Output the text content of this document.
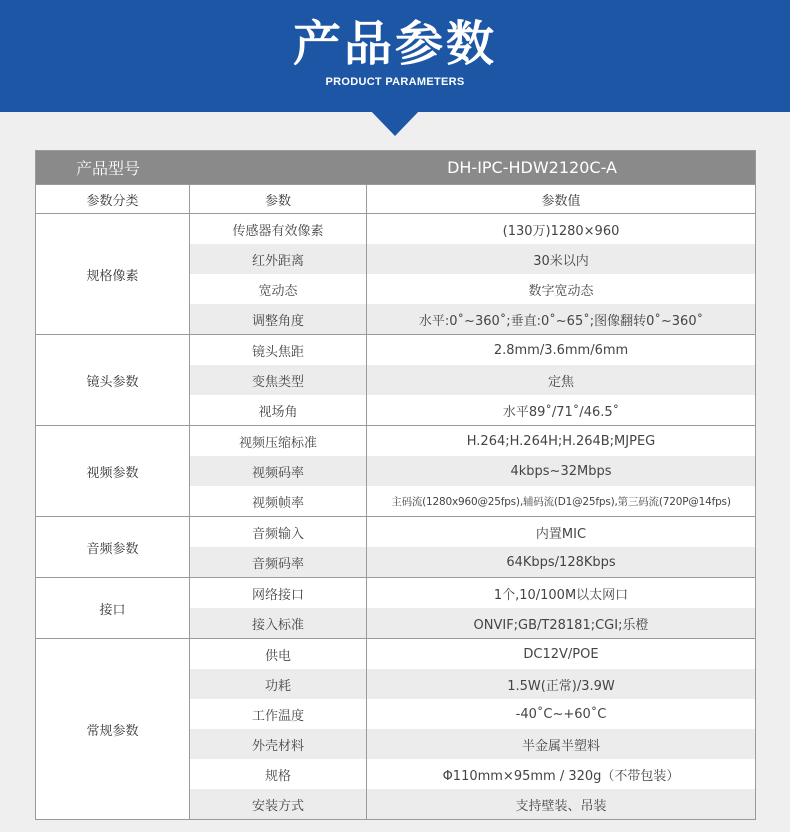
产品参数
PRODUCT PARAMETERS
产品型号	DH-IPC-HDW2120C-A
参数分类	参数	参数值
规格像素
传感器有效像素	(130万)1280×960
红外距离	30米以内
宽动态	数字宽动态
调整角度	水平:0˚~360˚;垂直:0˚~65˚;图像翻转0˚~360˚
镜头参数
镜头焦距	2.8mm/3.6mm/6mm
变焦类型	定焦
视场角	水平89˚/71˚/46.5˚
视频参数
视频压缩标准	H.264;H.264H;H.264B;MJPEG
视频码率	4kbps~32Mbps
视频帧率	主码流(1280x960@25fps),辅码流(D1@25fps),第三码流(720P@14fps)
音频参数
音频输入	内置MIC
音频码率	64Kbps/128Kbps
接口
网络接口	1个,10/100M以太网口
接入标准	ONVIF;GB/T28181;CGI;乐橙
常规参数
供电	DC12V/POE
功耗	1.5W(正常)/3.9W
工作温度	-40˚C~+60˚C
外壳材料	半金属半塑料
规格	Φ110mm×95mm / 320g（不带包装）
安装方式	支持壁装、吊装
